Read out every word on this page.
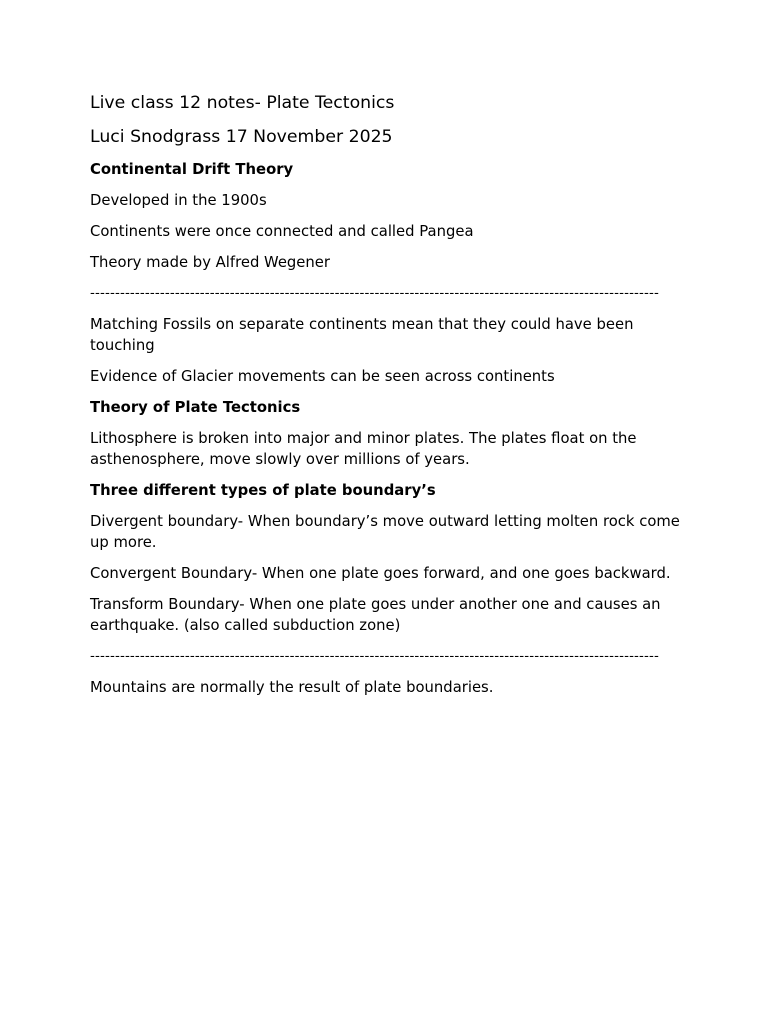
Live class 12 notes- Plate Tectonics
Luci Snodgrass 17 November 2025
Continental Drift Theory
Developed in the 1900s
Continents were once connected and called Pangea
Theory made by Alfred Wegener
------------------------------------------------------------------------------------------------------------------
Matching Fossils on separate continents mean that they could have been touching
Evidence of Glacier movements can be seen across continents
Theory of Plate Tectonics
Lithosphere is broken into major and minor plates. The plates float on the asthenosphere, move slowly over millions of years.
Three different types of plate boundary’s
Divergent boundary- When boundary’s move outward letting molten rock come up more.
Convergent Boundary- When one plate goes forward, and one goes backward.
Transform Boundary- When one plate goes under another one and causes an earthquake. (also called subduction zone)
------------------------------------------------------------------------------------------------------------------
Mountains are normally the result of plate boundaries.
